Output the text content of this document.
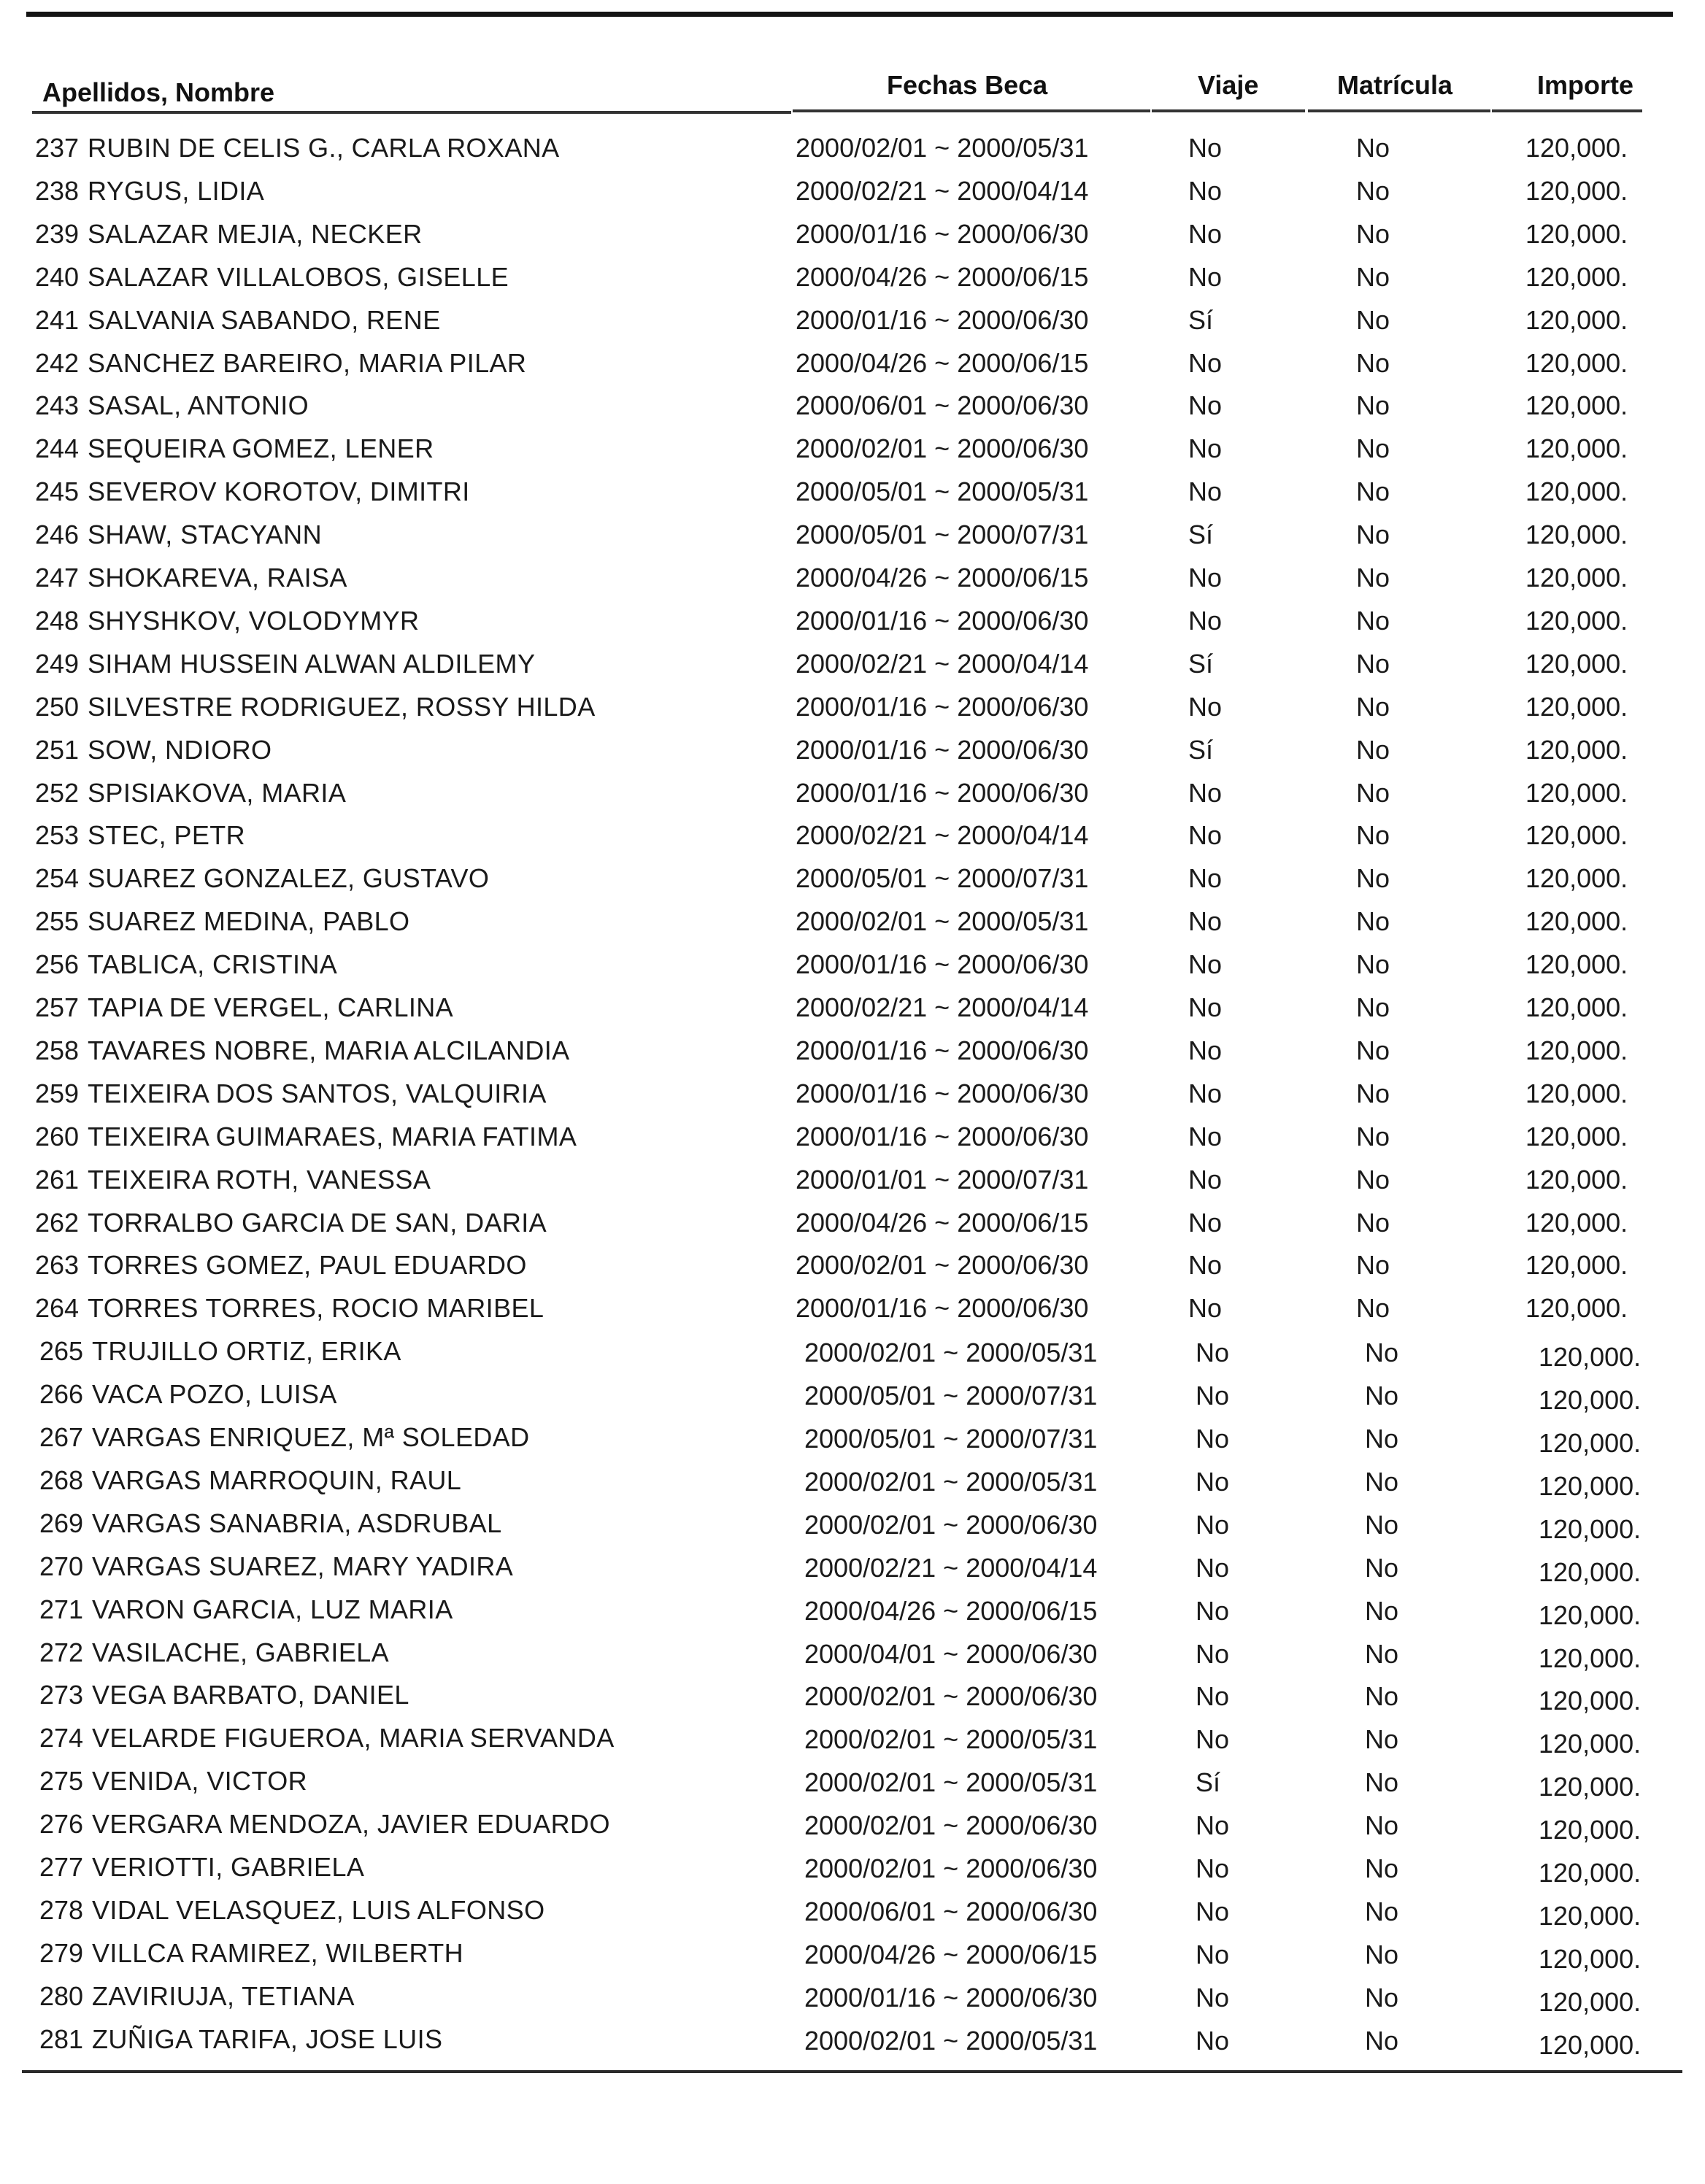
Apellidos, Nombre	Fechas Beca	Viaje	Matrícula	Importe
237 RUBIN DE CELIS G., CARLA ROXANA	2000/02/01 ~ 2000/05/31	No	No	120,000.
238 RYGUS, LIDIA	2000/02/21 ~ 2000/04/14	No	No	120,000.
239 SALAZAR MEJIA, NECKER	2000/01/16 ~ 2000/06/30	No	No	120,000.
240 SALAZAR VILLALOBOS, GISELLE	2000/04/26 ~ 2000/06/15	No	No	120,000.
241 SALVANIA SABANDO, RENE	2000/01/16 ~ 2000/06/30	Sí	No	120,000.
242 SANCHEZ BAREIRO, MARIA PILAR	2000/04/26 ~ 2000/06/15	No	No	120,000.
243 SASAL, ANTONIO	2000/06/01 ~ 2000/06/30	No	No	120,000.
244 SEQUEIRA GOMEZ, LENER	2000/02/01 ~ 2000/06/30	No	No	120,000.
245 SEVEROV KOROTOV, DIMITRI	2000/05/01 ~ 2000/05/31	No	No	120,000.
246 SHAW, STACYANN	2000/05/01 ~ 2000/07/31	Sí	No	120,000.
247 SHOKAREVA, RAISA	2000/04/26 ~ 2000/06/15	No	No	120,000.
248 SHYSHKOV, VOLODYMYR	2000/01/16 ~ 2000/06/30	No	No	120,000.
249 SIHAM HUSSEIN ALWAN ALDILEMY	2000/02/21 ~ 2000/04/14	Sí	No	120,000.
250 SILVESTRE RODRIGUEZ, ROSSY HILDA	2000/01/16 ~ 2000/06/30	No	No	120,000.
251 SOW, NDIORO	2000/01/16 ~ 2000/06/30	Sí	No	120,000.
252 SPISIAKOVA, MARIA	2000/01/16 ~ 2000/06/30	No	No	120,000.
253 STEC, PETR	2000/02/21 ~ 2000/04/14	No	No	120,000.
254 SUAREZ GONZALEZ, GUSTAVO	2000/05/01 ~ 2000/07/31	No	No	120,000.
255 SUAREZ MEDINA, PABLO	2000/02/01 ~ 2000/05/31	No	No	120,000.
256 TABLICA, CRISTINA	2000/01/16 ~ 2000/06/30	No	No	120,000.
257 TAPIA DE VERGEL, CARLINA	2000/02/21 ~ 2000/04/14	No	No	120,000.
258 TAVARES NOBRE, MARIA ALCILANDIA	2000/01/16 ~ 2000/06/30	No	No	120,000.
259 TEIXEIRA DOS SANTOS, VALQUIRIA	2000/01/16 ~ 2000/06/30	No	No	120,000.
260 TEIXEIRA GUIMARAES, MARIA FATIMA	2000/01/16 ~ 2000/06/30	No	No	120,000.
261 TEIXEIRA ROTH, VANESSA	2000/01/01 ~ 2000/07/31	No	No	120,000.
262 TORRALBO GARCIA DE SAN, DARIA	2000/04/26 ~ 2000/06/15	No	No	120,000.
263 TORRES GOMEZ, PAUL EDUARDO	2000/02/01 ~ 2000/06/30	No	No	120,000.
264 TORRES TORRES, ROCIO MARIBEL	2000/01/16 ~ 2000/06/30	No	No	120,000.
265 TRUJILLO ORTIZ, ERIKA	2000/02/01 ~ 2000/05/31	No	No	120,000.
266 VACA POZO, LUISA	2000/05/01 ~ 2000/07/31	No	No	120,000.
267 VARGAS ENRIQUEZ, Mª SOLEDAD	2000/05/01 ~ 2000/07/31	No	No	120,000.
268 VARGAS MARROQUIN, RAUL	2000/02/01 ~ 2000/05/31	No	No	120,000.
269 VARGAS SANABRIA, ASDRUBAL	2000/02/01 ~ 2000/06/30	No	No	120,000.
270 VARGAS SUAREZ, MARY YADIRA	2000/02/21 ~ 2000/04/14	No	No	120,000.
271 VARON GARCIA, LUZ MARIA	2000/04/26 ~ 2000/06/15	No	No	120,000.
272 VASILACHE, GABRIELA	2000/04/01 ~ 2000/06/30	No	No	120,000.
273 VEGA BARBATO, DANIEL	2000/02/01 ~ 2000/06/30	No	No	120,000.
274 VELARDE FIGUEROA, MARIA SERVANDA	2000/02/01 ~ 2000/05/31	No	No	120,000.
275 VENIDA, VICTOR	2000/02/01 ~ 2000/05/31	Sí	No	120,000.
276 VERGARA MENDOZA, JAVIER EDUARDO	2000/02/01 ~ 2000/06/30	No	No	120,000.
277 VERIOTTI, GABRIELA	2000/02/01 ~ 2000/06/30	No	No	120,000.
278 VIDAL VELASQUEZ, LUIS ALFONSO	2000/06/01 ~ 2000/06/30	No	No	120,000.
279 VILLCA RAMIREZ, WILBERTH	2000/04/26 ~ 2000/06/15	No	No	120,000.
280 ZAVIRIUJA, TETIANA	2000/01/16 ~ 2000/06/30	No	No	120,000.
281 ZUÑIGA TARIFA, JOSE LUIS	2000/02/01 ~ 2000/05/31	No	No	120,000.
